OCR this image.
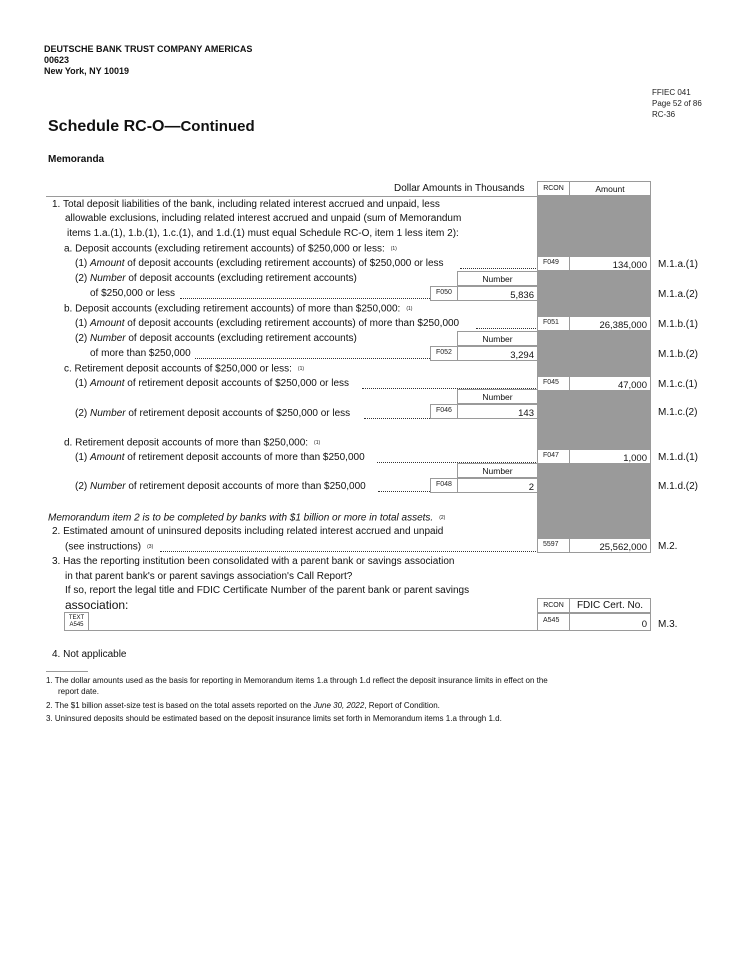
DEUTSCHE BANK TRUST COMPANY AMERICAS
00623
New York, NY 10019
FFIEC 041
Page 52 of 86
RC-36
Schedule RC-O—Continued
Memoranda
Dollar Amounts in Thousands	RCON	Amount
1. Total deposit liabilities of the bank, including related interest accrued and unpaid, less
allowable exclusions, including related interest accrued and unpaid (sum of Memorandum
items 1.a.(1), 1.b.(1), 1.c.(1), and 1.d.(1) must equal Schedule RC-O, item 1 less item 2):
a. Deposit accounts (excluding retirement accounts) of $250,000 or less: (1)
(1) Amount of deposit accounts (excluding retirement accounts) of $250,000 or less	F049	134,000	M.1.a.(1)
(2) Number of deposit accounts (excluding retirement accounts)	Number
of $250,000 or less	F050	5,836	M.1.a.(2)
b. Deposit accounts (excluding retirement accounts) of more than $250,000: (1)
(1) Amount of deposit accounts (excluding retirement accounts) of more than $250,000	F051	26,385,000	M.1.b.(1)
(2) Number of deposit accounts (excluding retirement accounts)	Number
of more than $250,000	F052	3,294	M.1.b.(2)
c. Retirement deposit accounts of $250,000 or less: (1)
(1) Amount of retirement deposit accounts of $250,000 or less	F045	47,000	M.1.c.(1)
Number
(2) Number of retirement deposit accounts of $250,000 or less	F046	143	M.1.c.(2)
d. Retirement deposit accounts of more than $250,000: (1)
(1) Amount of retirement deposit accounts of more than $250,000	F047	1,000	M.1.d.(1)
Number
(2) Number of retirement deposit accounts of more than $250,000	F048	2	M.1.d.(2)
Memorandum item 2 is to be completed by banks with $1 billion or more in total assets. (2)
2. Estimated amount of uninsured deposits including related interest accrued and unpaid
(see instructions) (3)	5597	25,562,000	M.2.
3. Has the reporting institution been consolidated with a parent bank or savings association
in that parent bank's or parent savings association's Call Report?
If so, report the legal title and FDIC Certificate Number of the parent bank or parent savings
association:
TEXT
A545
RCON	FDIC Cert. No.
A545	0	M.3.
4. Not applicable
1. The dollar amounts used as the basis for reporting in Memorandum items 1.a through 1.d reflect the deposit insurance limits in effect on the
report date.
2. The $1 billion asset-size test is based on the total assets reported on the June 30, 2022, Report of Condition.
3. Uninsured deposits should be estimated based on the deposit insurance limits set forth in Memorandum items 1.a through 1.d.
